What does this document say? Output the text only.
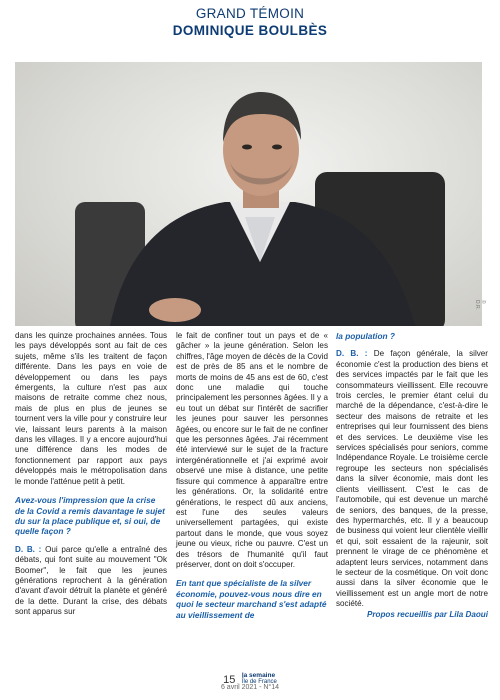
GRAND TÉMOIN
DOMINIQUE BOULBÈS
© D.R.

dans les quinze prochaines années. Tous les pays développés sont au fait de ces sujets, même s'ils les traitent de façon différente. Dans les pays en voie de développement ou dans les pays émergents, la culture n'est pas aux maisons de retraite comme chez nous, mais de plus en plus de jeunes se tournent vers la ville pour y construire leur vie, laissant leurs parents à la maison dans les villages. Il y a encore aujourd'hui une différence dans les modes de fonctionnement par rapport aux pays développés mais le métropolisation dans le monde l'atténue petit à petit.

Avez-vous l'impression que la crise de la Covid a remis davantage le sujet du sur la place publique et, si oui, de quelle façon ?

D. B. : Oui parce qu'elle a entraîné des débats, qui font suite au mouvement "Ok Boomer", le fait que les jeunes générations reprochent à la génération d'avant d'avoir détruit la planète et généré de la dette. Durant la crise, des débats sont apparus sur

le fait de confiner tout un pays et de « gâcher » la jeune génération. Selon les chiffres, l'âge moyen de décès de la Covid est de près de 85 ans et le nombre de morts de moins de 45 ans est de 60, c'est donc une maladie qui touche principalement les personnes âgées. Il y a eu tout un débat sur l'intérêt de sacrifier les jeunes pour sauver les personnes âgées, ou encore sur le fait de ne confiner que les personnes âgées. J'ai récemment été interviewé sur le sujet de la fracture intergénérationnelle et j'ai exprimé avoir observé une mise à distance, une petite fissure qui commence à apparaître entre les générations. Or, la solidarité entre générations, le respect dû aux anciens, est l'une des seules valeurs universellement partagées, qui existe partout dans le monde, que vous soyez jeune ou vieux, riche ou pauvre. C'est un des trésors de l'humanité qu'il faut préserver, dont on doit s'occuper.

En tant que spécialiste de la silver économie, pouvez-vous nous dire en quoi le secteur marchand s'est adapté au vieillissement de

la population ?

D. B. : De façon générale, la silver économie c'est la production des biens et des services impactés par le fait que les consommateurs vieillissent. Elle recouvre trois cercles, le premier étant celui du marché de la dépendance, c'est-à-dire le secteur des maisons de retraite et les entreprises qui leur fournissent des biens et des services. Le deuxième vise les services spécialisés pour seniors, comme Indépendance Royale. Le troisième cercle regroupe les secteurs non spécialisés dans la silver économie, mais dont les clients vieillissent. C'est le cas de l'automobile, qui est devenue un marché de seniors, des banques, de la presse, des hypermarchés, etc. Il y a beaucoup de business qui voient leur clientèle vieillir et qui, soit essaient de la rajeunir, soit prennent le virage de ce phénomène et adaptent leurs services, notamment dans le secteur de la cosmétique. On voit donc aussi dans la silver économie que le vieillissement est un angle mort de notre société.

Propos recueillis par Lila Daoui

15 la semaine
Île de France
6 avril 2021 - N°14
